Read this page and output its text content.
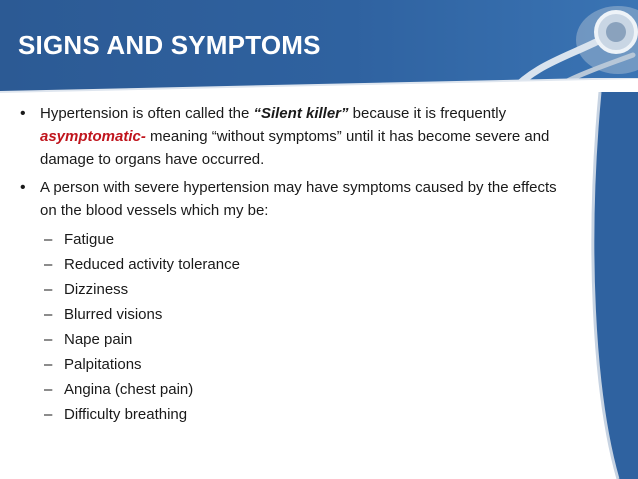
SIGNS AND SYMPTOMS

• Hypertension is often called the “Silent killer” because it is frequently asymptomatic- meaning “without symptoms” until it has become severe and damage to organs have occurred.

• A person with severe hypertension may have symptoms caused by the effects on the blood vessels which my be:

– Fatigue
– Reduced activity tolerance
– Dizziness
– Blurred visions
– Nape pain
– Palpitations
– Angina (chest pain)
– Difficulty breathing
